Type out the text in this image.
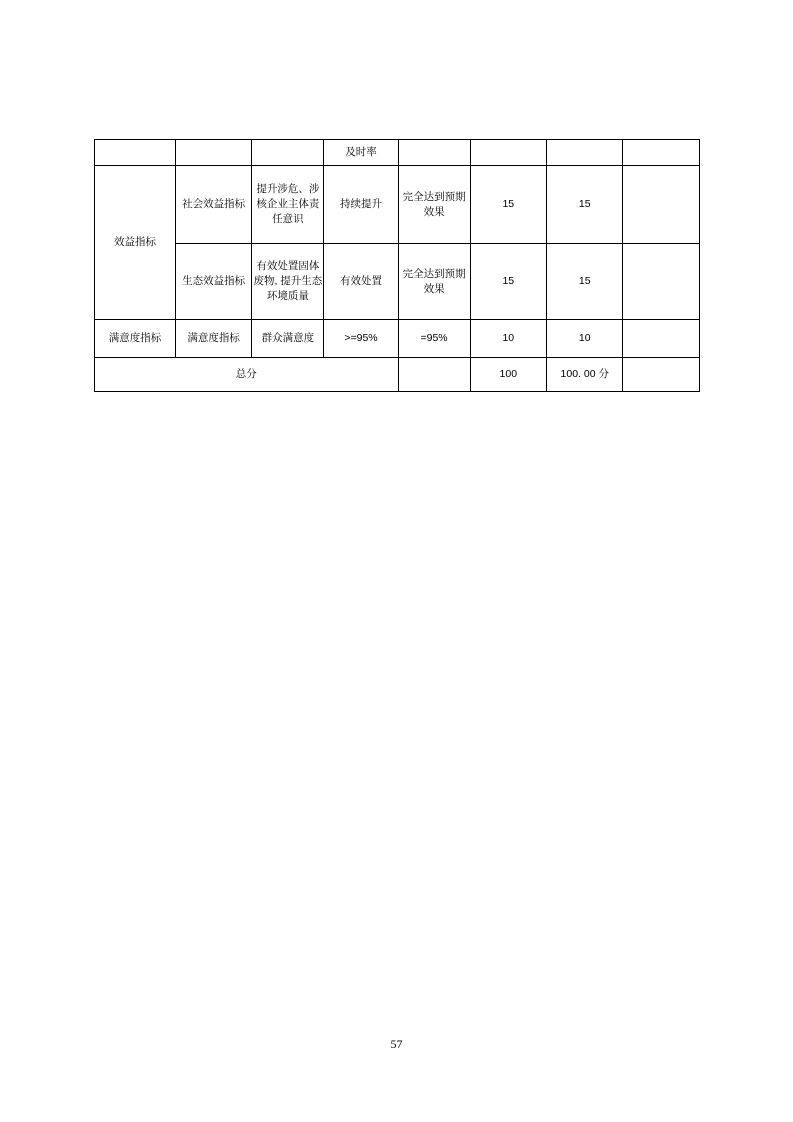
			及时率				
效益指标	社会效益指标	提升涉危、涉核企业主体责任意识	持续提升	完全达到预期效果	15	15	
	生态效益指标	有效处置固体废物, 提升生态环境质量	有效处置	完全达到预期效果	15	15	
满意度指标	满意度指标	群众满意度	>=95%	=95%	10	10	
总分					100	100. 00 分	
57
